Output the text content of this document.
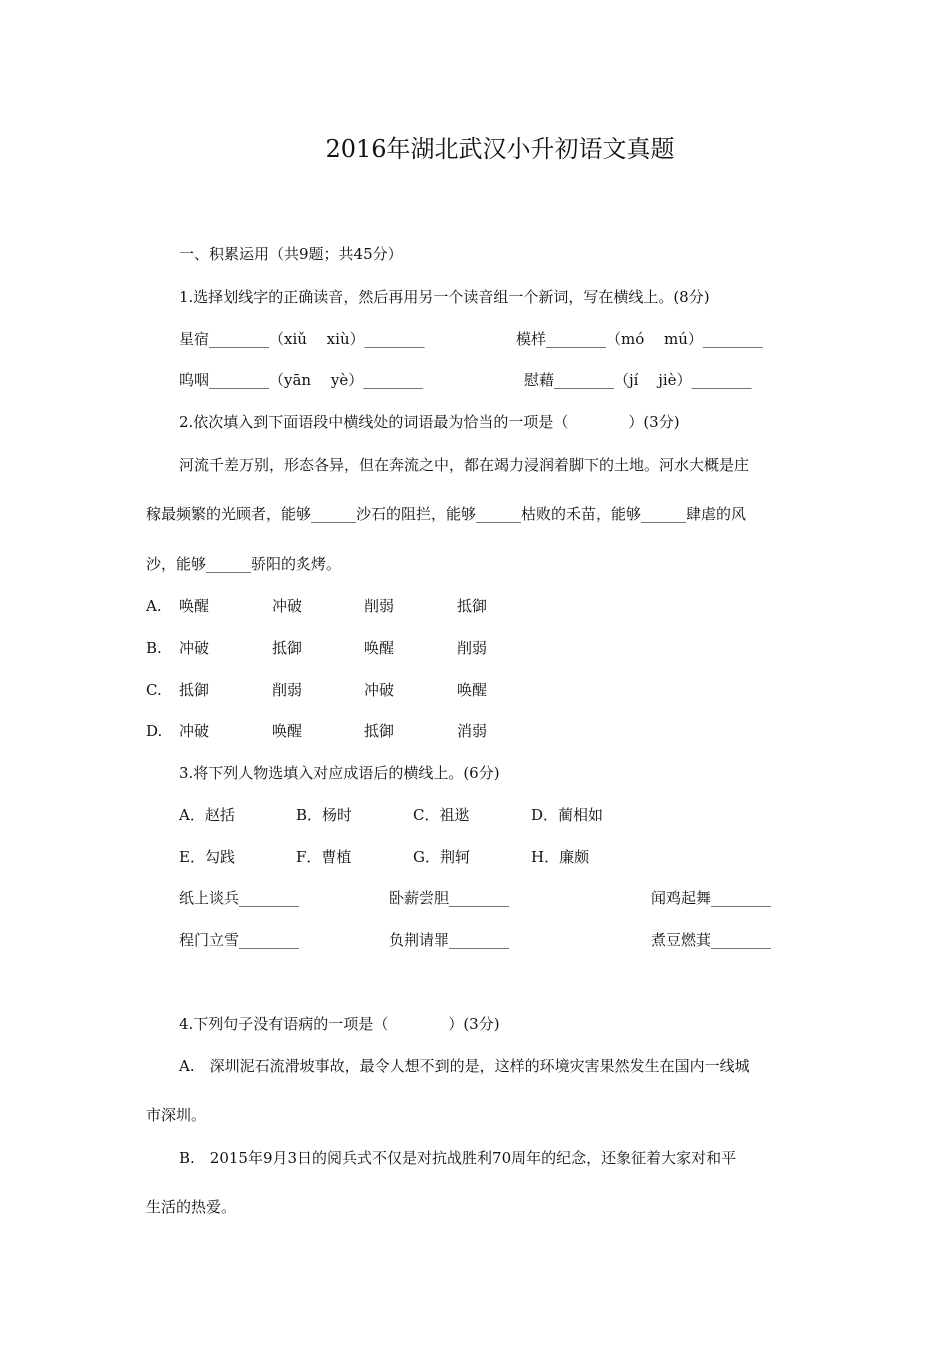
2016年湖北武汉小升初语文真题
一、积累运用（共9题；共45分）
1.选择划线字的正确读音，然后再用另一个读音组一个新词，写在横线上。(8分)
星宿________（xiǔ　 xiù）________	模样________（mó　 mú）________
呜咽________（yān　 yè）________	慰藉________（jí　 jiè）________
2.依次填入到下面语段中横线处的词语最为恰当的一项是（　　　　）(3分)
河流千差万别，形态各异，但在奔流之中，都在竭力浸润着脚下的土地。河水大概是庄
稼最频繁的光顾者，能够______沙石的阻拦，能够______枯败的禾苗，能够______肆虐的风
沙，能够______骄阳的炙烤。
A. 唤醒	冲破	削弱	抵御
B. 冲破	抵御	唤醒	削弱
C. 抵御	削弱	冲破	唤醒
D. 冲破	唤醒	抵御	消弱
3.将下列人物选填入对应成语后的横线上。(6分)
A．赵括	B．杨时	C．祖逖	D．蔺相如
E．勾践	F．曹植	G．荆轲	H．廉颇
纸上谈兵________	卧薪尝胆________	闻鸡起舞________
程门立雪________	负荆请罪________	煮豆燃萁________
4.下列句子没有语病的一项是（　　　　）(3分)
A.　深圳泥石流滑坡事故，最令人想不到的是，这样的环境灾害果然发生在国内一线城
市深圳。
B.　2015年9月3日的阅兵式不仅是对抗战胜利70周年的纪念，还象征着大家对和平
生活的热爱。
